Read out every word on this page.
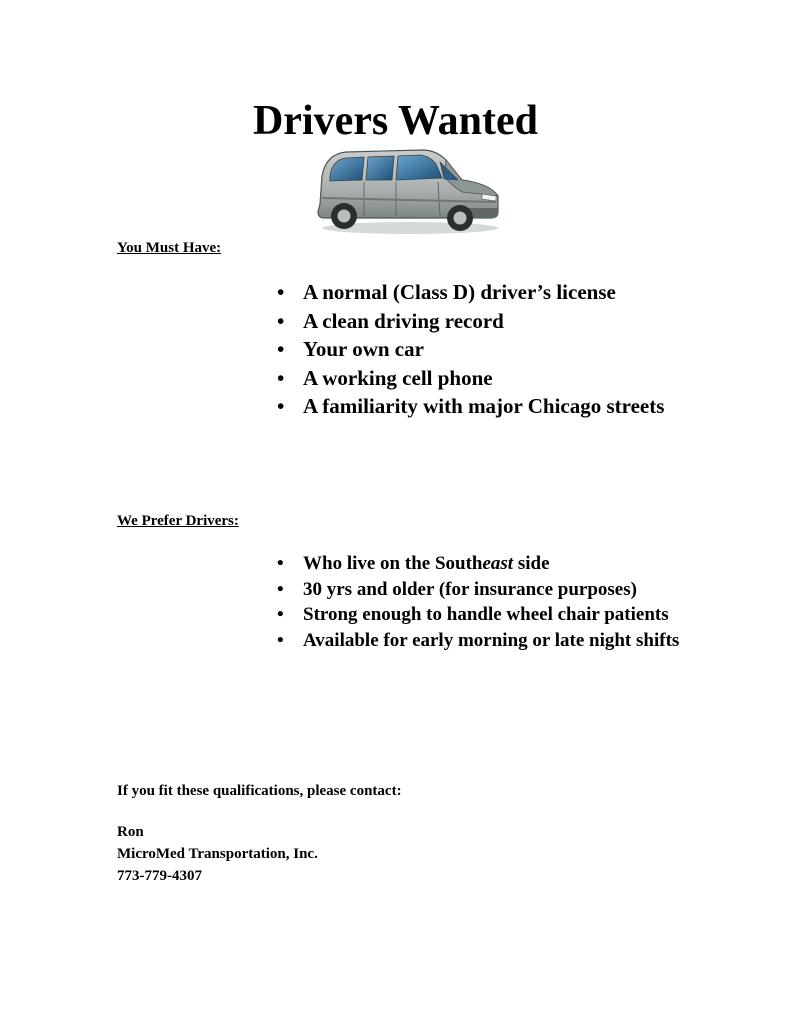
Drivers Wanted
You Must Have:
• A normal (Class D) driver’s license
• A clean driving record
• Your own car
• A working cell phone
• A familiarity with major Chicago streets
We Prefer Drivers:
• Who live on the Southeast side
• 30 yrs and older (for insurance purposes)
• Strong enough to handle wheel chair patients
• Available for early morning or late night shifts
If you fit these qualifications, please contact:
Ron
MicroMed Transportation, Inc.
773-779-4307
